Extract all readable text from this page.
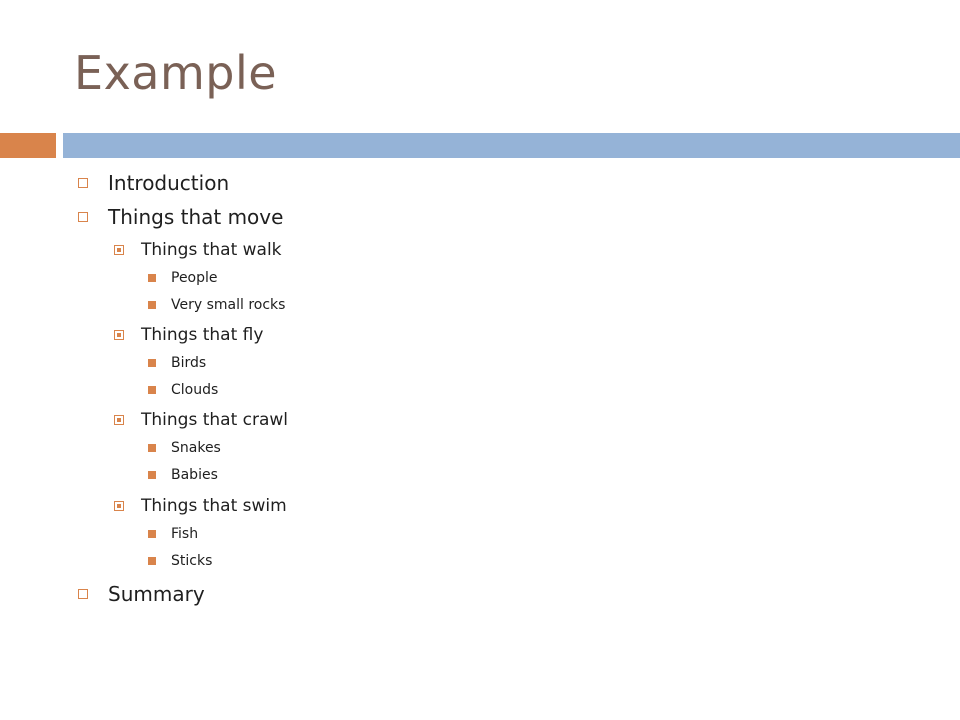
Example
Introduction
Things that move
Things that walk
People
Very small rocks
Things that fly
Birds
Clouds
Things that crawl
Snakes
Babies
Things that swim
Fish
Sticks
Summary
